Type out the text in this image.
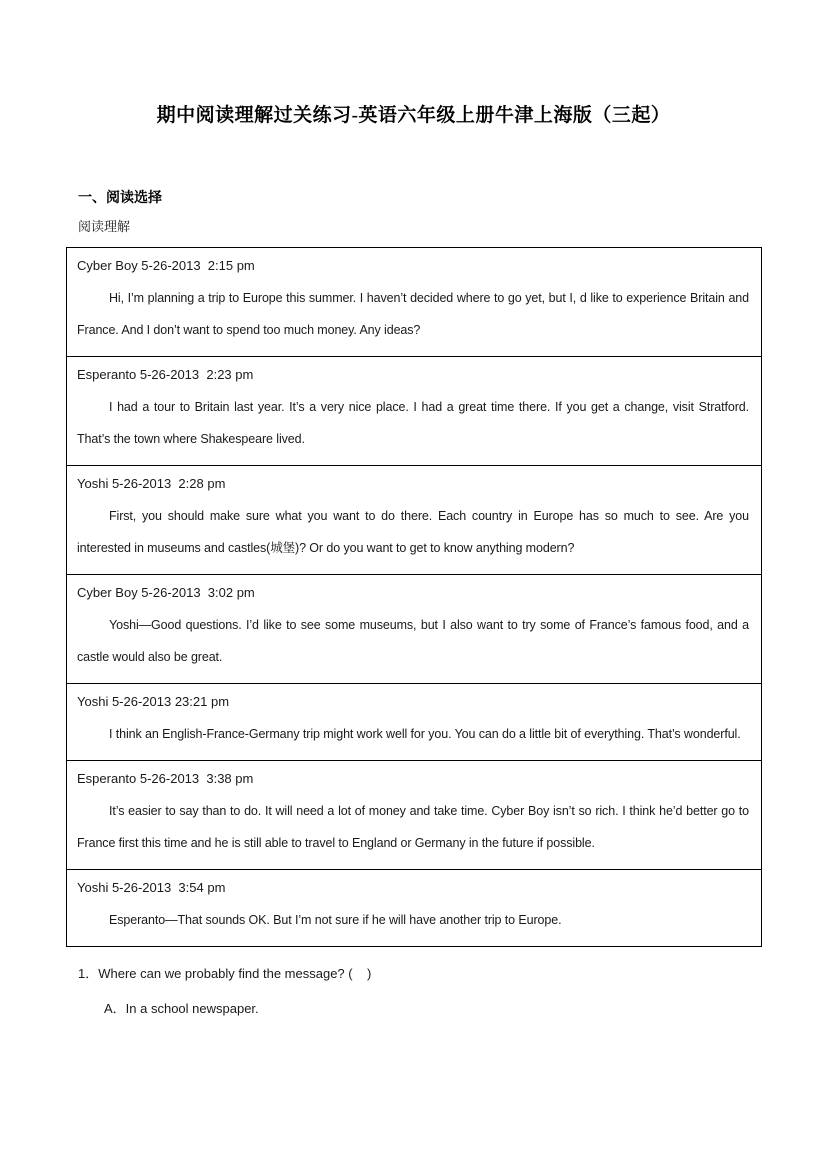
期中阅读理解过关练习-英语六年级上册牛津上海版（三起）
一、阅读选择
阅读理解
Cyber Boy 5-26-2013  2:15 pm

Hi, I’m planning a trip to Europe this summer. I haven’t decided where to go yet, but I, d like to experience Britain and France. And I don’t want to spend too much money. Any ideas?

Esperanto 5-26-2013  2:23 pm

I had a tour to Britain last year. It’s a very nice place. I had a great time there. If you get a change, visit Stratford. That’s the town where Shakespeare lived.

Yoshi 5-26-2013  2:28 pm

First, you should make sure what you want to do there. Each country in Europe has so much to see. Are you interested in museums and castles(城堡)? Or do you want to get to know anything modern?

Cyber Boy 5-26-2013  3:02 pm

Yoshi—Good questions. I’d like to see some museums, but I also want to try some of France’s famous food, and a castle would also be great.

Yoshi 5-26-2013 23:21 pm

I think an English-France-Germany trip might work well for you. You can do a little bit of everything. That’s wonderful.

Esperanto 5-26-2013  3:38 pm

It’s easier to say than to do. It will need a lot of money and take time. Cyber Boy isn’t so rich. I think he’d better go to France first this time and he is still able to travel to England or Germany in the future if possible.

Yoshi 5-26-2013  3:54 pm

Esperanto—That sounds OK. But I’m not sure if he will have another trip to Europe.

1．Where can we probably find the message? (    )
A．In a school newspaper.
